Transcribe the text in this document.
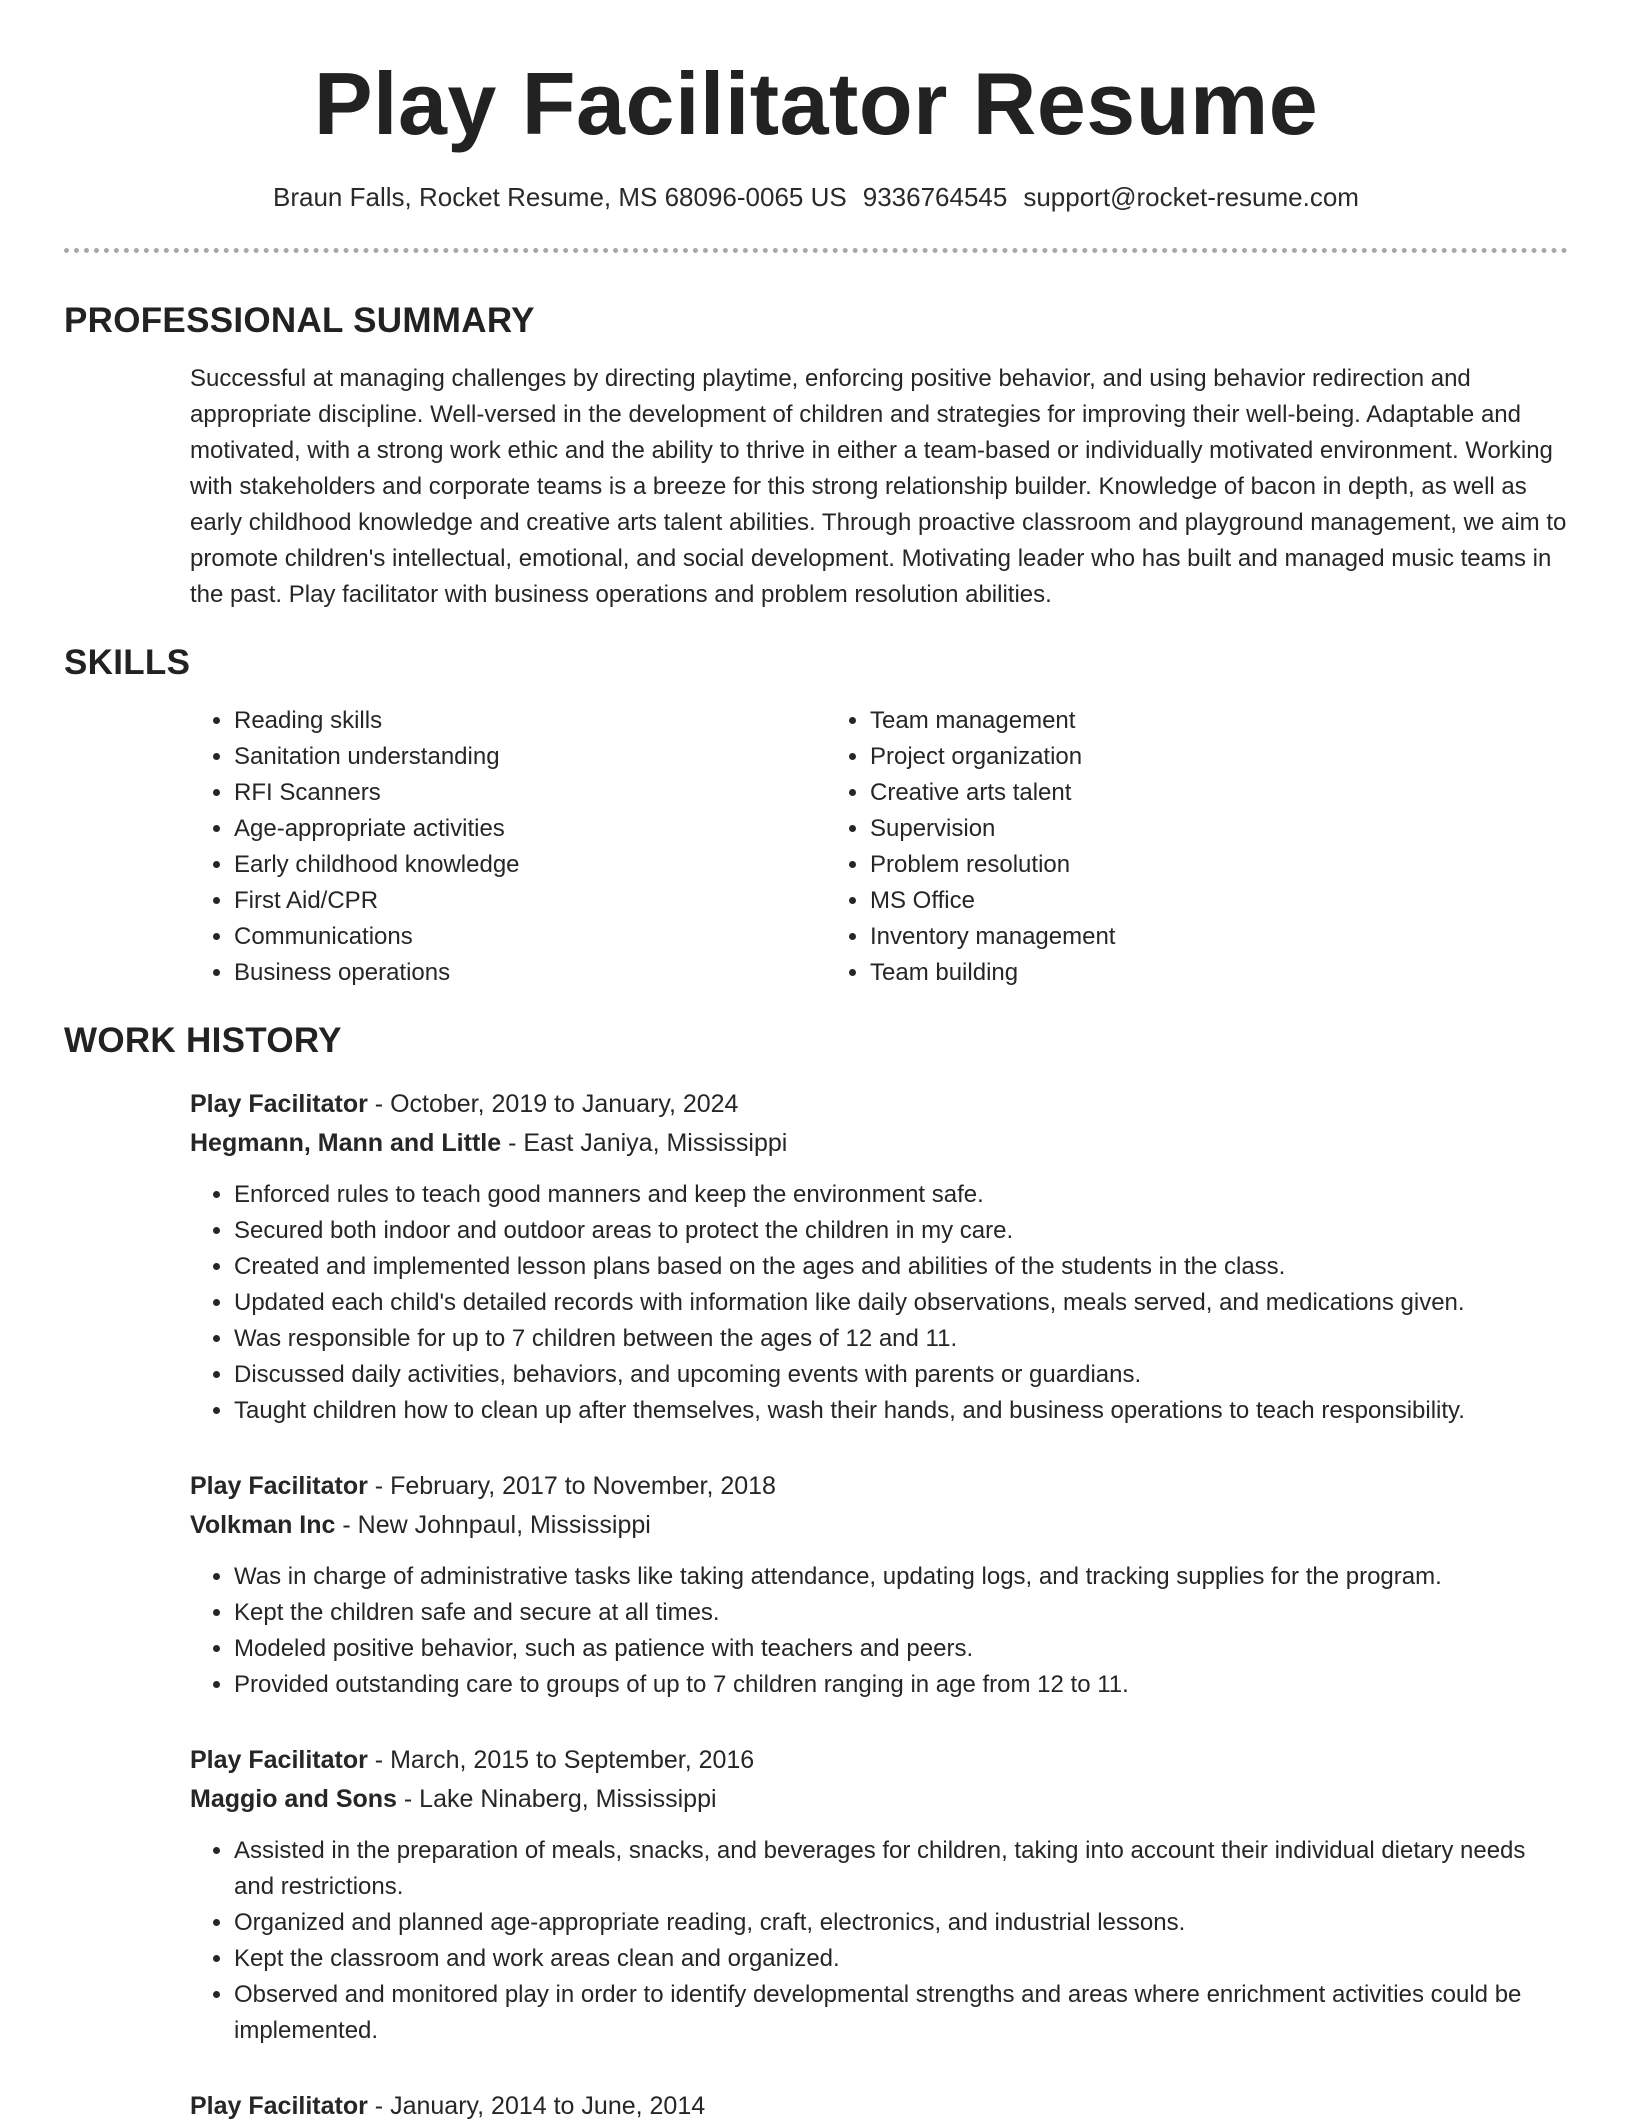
Play Facilitator Resume
Braun Falls, Rocket Resume, MS 68096-0065 US 9336764545 support@rocket-resume.com
PROFESSIONAL SUMMARY
Successful at managing challenges by directing playtime, enforcing positive behavior, and using behavior redirection and appropriate discipline. Well-versed in the development of children and strategies for improving their well-being. Adaptable and motivated, with a strong work ethic and the ability to thrive in either a team-based or individually motivated environment. Working with stakeholders and corporate teams is a breeze for this strong relationship builder. Knowledge of bacon in depth, as well as early childhood knowledge and creative arts talent abilities. Through proactive classroom and playground management, we aim to promote children's intellectual, emotional, and social development. Motivating leader who has built and managed music teams in the past. Play facilitator with business operations and problem resolution abilities.
SKILLS
• Reading skills
• Sanitation understanding
• RFI Scanners
• Age-appropriate activities
• Early childhood knowledge
• First Aid/CPR
• Communications
• Business operations
• Team management
• Project organization
• Creative arts talent
• Supervision
• Problem resolution
• MS Office
• Inventory management
• Team building
WORK HISTORY
Play Facilitator - October, 2019 to January, 2024
Hegmann, Mann and Little - East Janiya, Mississippi
• Enforced rules to teach good manners and keep the environment safe.
• Secured both indoor and outdoor areas to protect the children in my care.
• Created and implemented lesson plans based on the ages and abilities of the students in the class.
• Updated each child's detailed records with information like daily observations, meals served, and medications given.
• Was responsible for up to 7 children between the ages of 12 and 11.
• Discussed daily activities, behaviors, and upcoming events with parents or guardians.
• Taught children how to clean up after themselves, wash their hands, and business operations to teach responsibility.
Play Facilitator - February, 2017 to November, 2018
Volkman Inc - New Johnpaul, Mississippi
• Was in charge of administrative tasks like taking attendance, updating logs, and tracking supplies for the program.
• Kept the children safe and secure at all times.
• Modeled positive behavior, such as patience with teachers and peers.
• Provided outstanding care to groups of up to 7 children ranging in age from 12 to 11.
Play Facilitator - March, 2015 to September, 2016
Maggio and Sons - Lake Ninaberg, Mississippi
• Assisted in the preparation of meals, snacks, and beverages for children, taking into account their individual dietary needs and restrictions.
• Organized and planned age-appropriate reading, craft, electronics, and industrial lessons.
• Kept the classroom and work areas clean and organized.
• Observed and monitored play in order to identify developmental strengths and areas where enrichment activities could be implemented.
Play Facilitator - January, 2014 to June, 2014
